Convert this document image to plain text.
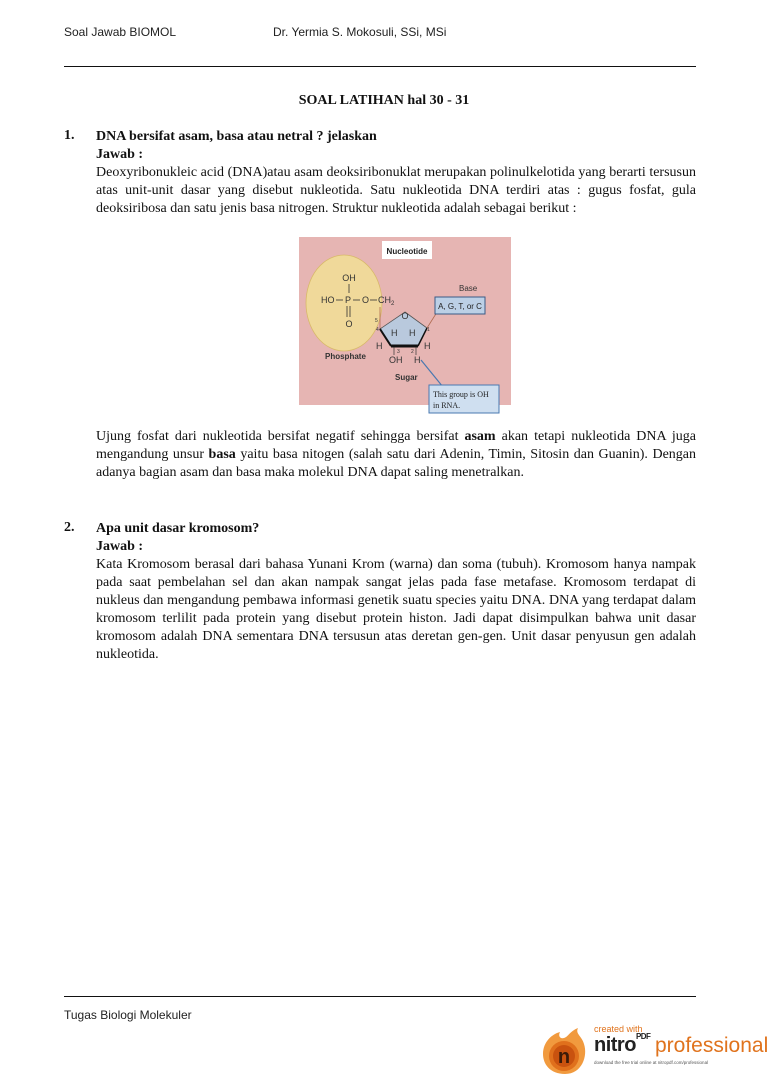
Soal Jawab BIOMOL	Dr. Yermia S. Mokosuli, SSi, MSi
SOAL LATIHAN hal 30 - 31
1. DNA bersifat asam, basa atau netral ? jelaskan
Jawab :
Deoxyribonukleic acid (DNA)atau asam deoksiribonuklat merupakan polinulkelotida yang berarti tersusun atas unit-unit dasar yang disebut nukleotida. Satu nukleotida DNA terdiri atas : gugus fosfat, gula deoksiribosa dan satu jenis basa nitrogen. Struktur nukleotida adalah sebagai berikut :
Nucleotide
OH
HO P O $CH_2$
O
Phosphate
5	O
4	1
H H
H	H
3 2
OH H
Sugar
Base
A, G, T, or C
This group is OH
in RNA.
Ujung fosfat dari nukleotida bersifat negatif sehingga bersifat asam akan tetapi nukleotida DNA juga mengandung unsur basa yaitu basa nitogen (salah satu dari Adenin, Timin, Sitosin dan Guanin). Dengan adanya bagian asam dan basa maka molekul DNA dapat saling menetralkan.
2. Apa unit dasar kromosom?
Jawab :
Kata Kromosom berasal dari bahasa Yunani Krom (warna) dan soma (tubuh). Kromosom hanya nampak pada saat pembelahan sel dan akan nampak sangat jelas pada fase metafase. Kromosom terdapat di nukleus dan mengandung pembawa informasi genetik suatu species yaitu DNA. DNA yang terdapat dalam kromosom terlilit pada protein yang disebut protein histon. Jadi dapat disimpulkan bahwa unit dasar kromosom adalah DNA sementara DNA tersusun atas deretan gen-gen. Unit dasar penyusun gen adalah nukleotida.
Tugas Biologi Molekuler
n
created with
nitro$^{PDF}$ professional
download the free trial online at nitropdf.com/professional
